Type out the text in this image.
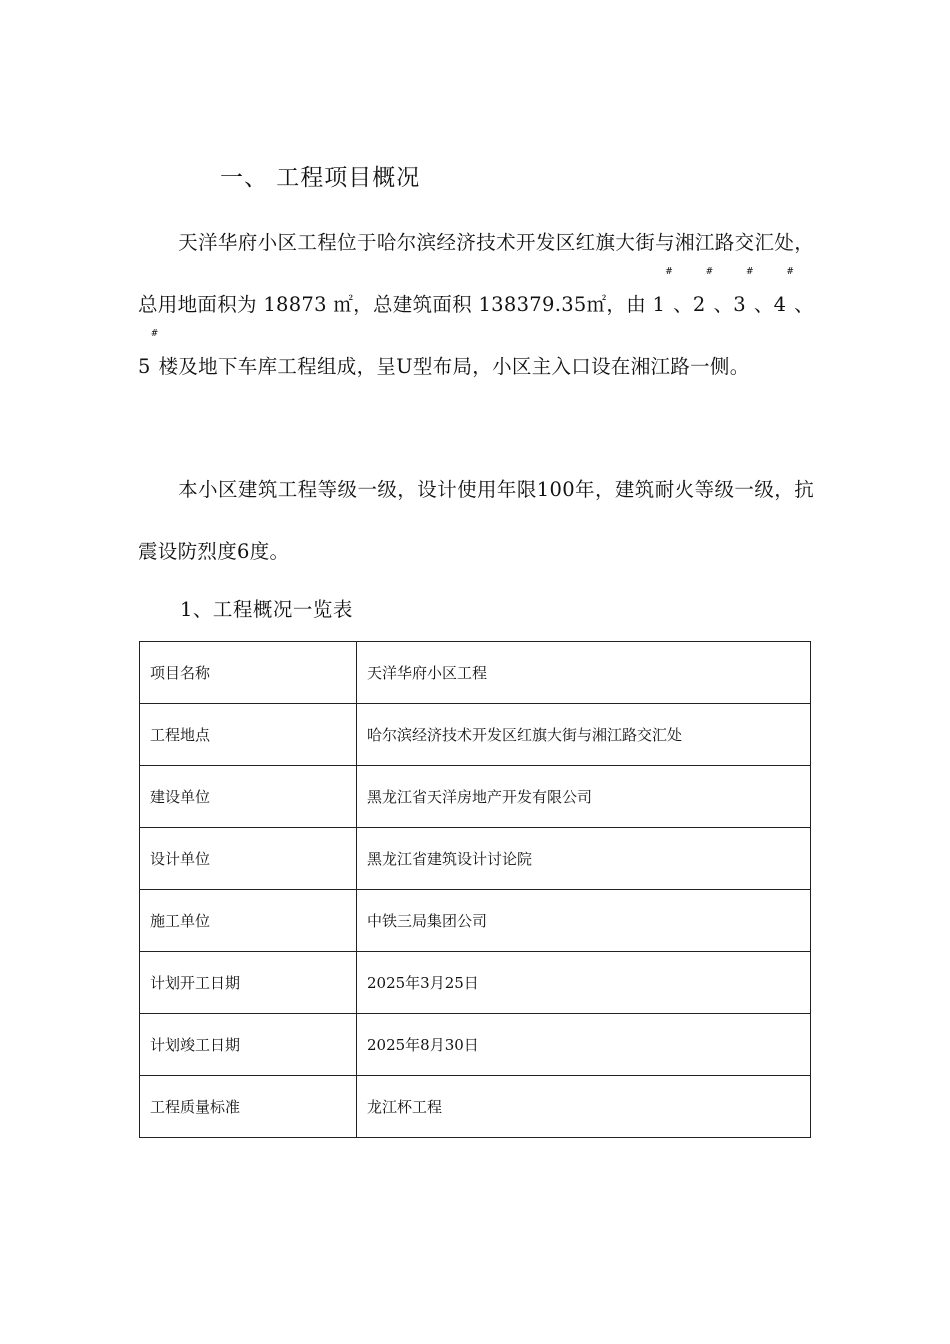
一、 工程项目概况
天洋华府小区工程位于哈尔滨经济技术开发区红旗大街与湘江路交汇处，总用地面积为 18873 ㎡，总建筑面积 138379.35㎡，由 1#、2#、3#、4#、5#楼及地下车库工程组成，呈U型布局，小区主入口设在湘江路一侧。
本小区建筑工程等级一级，设计使用年限100年，建筑耐火等级一级，抗震设防烈度6度。
1、工程概况一览表
项目名称	天洋华府小区工程
工程地点	哈尔滨经济技术开发区红旗大街与湘江路交汇处
建设单位	黑龙江省天洋房地产开发有限公司
设计单位	黑龙江省建筑设计讨论院
施工单位	中铁三局集团公司
计划开工日期	2025年3月25日
计划竣工日期	2025年8月30日
工程质量标准	龙江杯工程
